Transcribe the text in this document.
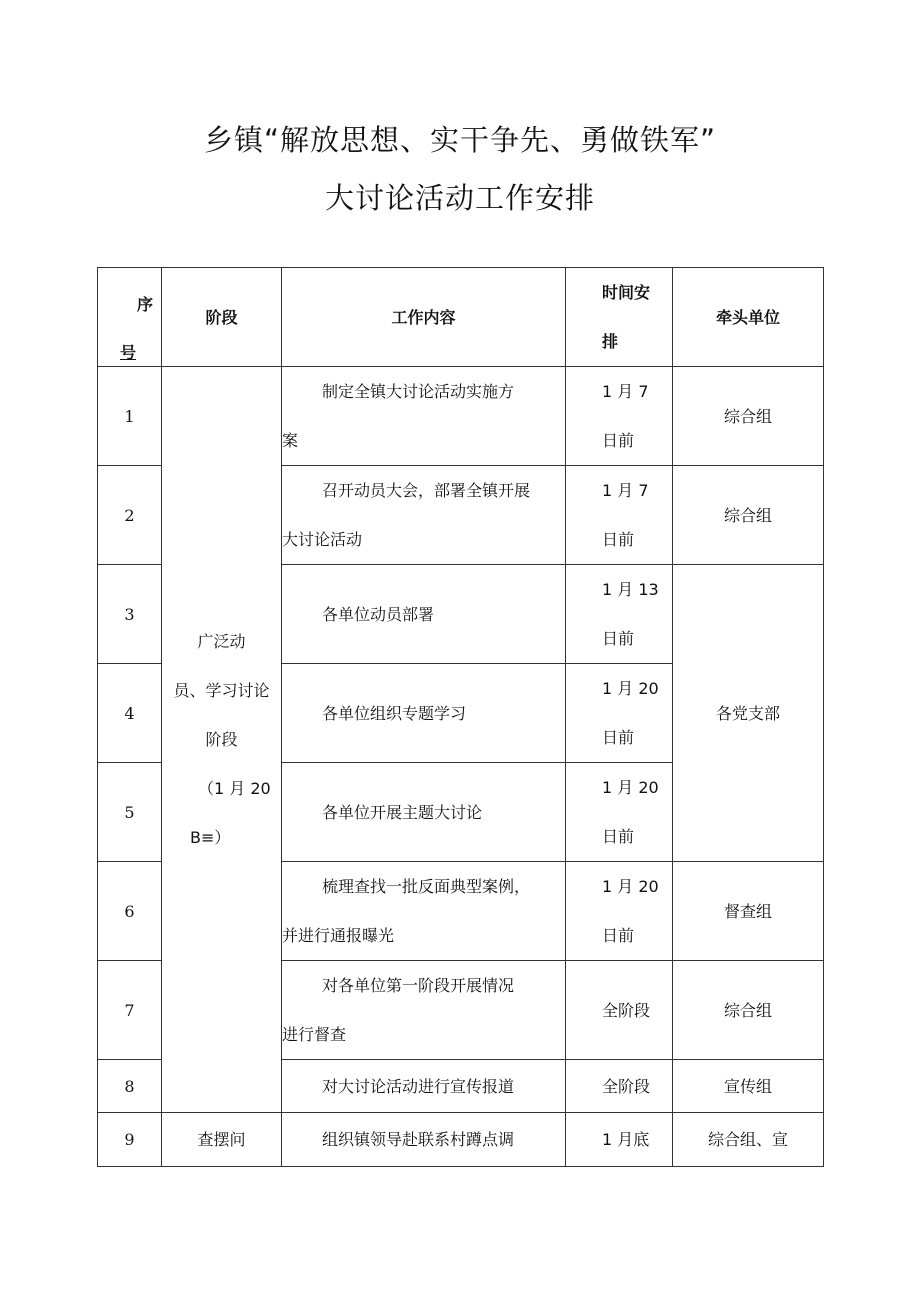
乡镇“解放思想、实干争先、勇做铁军”
大讨论活动工作安排
序
号	阶段	工作内容	时间安
排	牵头单位
1	广泛动
员、学习讨论
阶段
（1 月 20
B≡）	制定全镇大讨论活动实施方
案	1 月 7
日前	综合组
2		召开动员大会，部署全镇开展
大讨论活动	1 月 7
日前	综合组
3		各单位动员部署	1 月 13
日前	各党支部
4		各单位组织专题学习	1 月 20
日前	

5		各单位开展主题大讨论	1 月 20
日前	

6		梳理查找一批反面典型案例，
并进行通报曝光	1 月 20
日前	督查组
7		对各单位第一阶段开展情况
进行督查	全阶段	综合组
8		对大讨论活动进行宣传报道	全阶段	宣传组
9	查摆问	组织镇领导赴联系村蹲点调	1 月底	综合组、宣
